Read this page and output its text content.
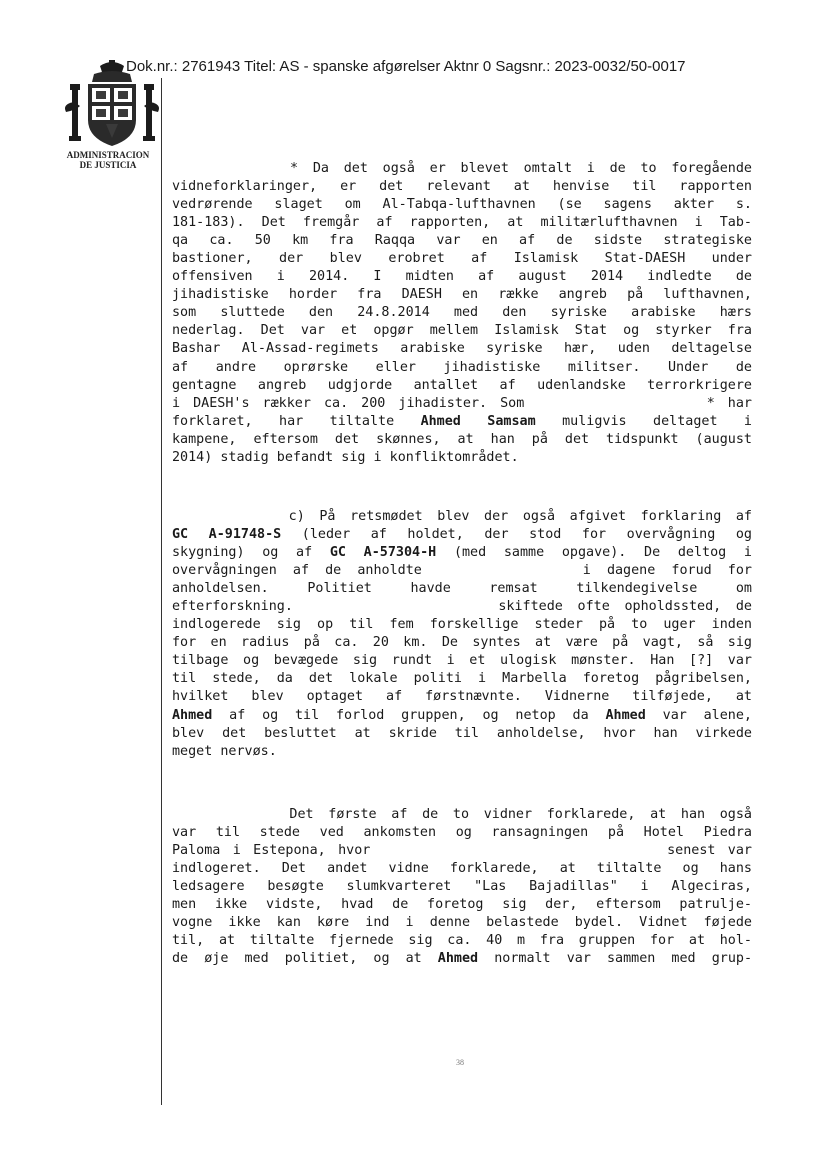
Dok.nr.: 2761943 Titel: AS - spanske afgørelser Aktnr 0 Sagsnr.: 2023-0032/50-0017
ADMINISTRACION
DE JUSTICIA	* Da det også er blevet omtalt i de to foregående
vidneforklaringer, er det relevant at henvise til rapporten
vedrørende slaget om Al-Tabqa-lufthavnen (se sagens akter s.
181-183). Det fremgår af rapporten, at militærlufthavnen i Tab-
qa ca. 50 km fra Raqqa var en af de sidste strategiske
bastioner, der blev erobret af Islamisk Stat-DAESH under
offensiven i 2014. I midten af august 2014 indledte de
jihadistiske horder fra DAESH en række angreb på lufthavnen,
som sluttede den 24.8.2014 med den syriske arabiske hærs
nederlag. Det var et opgør mellem Islamisk Stat og styrker fra
Bashar Al-Assad-regimets arabiske syriske hær, uden deltagelse
af andre oprørske eller jihadistiske militser. Under de
gentagne angreb udgjorde antallet af udenlandske terrorkrigere
i DAESH's rækker ca. 200 jihadister. Som              * har
forklaret, har tiltalte Ahmed Samsam muligvis deltaget i
kampene, eftersom det skønnes, at han på det tidspunkt (august
2014) stadig befandt sig i konfliktområdet.
c) På retsmødet blev der også afgivet forklaring af
GC A-91748-S (leder af holdet, der stod for overvågning og
skygning) og af GC A-57304-H (med samme opgave). De deltog i
overvågningen af de anholdte          i dagene forud for
anholdelsen. Politiet havde remsat tilkendegivelse om
efterforskning.              skiftede ofte opholdssted, de
indlogerede sig op til fem forskellige steder på to uger inden
for en radius på ca. 20 km. De syntes at være på vagt, så sig
tilbage og bevægede sig rundt i et ulogisk mønster. Han [?] var
til stede, da det lokale politi i Marbella foretog pågribelsen,
hvilket blev optaget af førstnævnte. Vidnerne tilføjede, at
Ahmed af og til forlod gruppen, og netop da Ahmed var alene,
blev det besluttet at skride til anholdelse, hvor han virkede
meget nervøs.
Det første af de to vidner forklarede, at han også
var til stede ved ankomsten og ransagningen på Hotel Piedra
Paloma i Estepona, hvor                        senest var
indlogeret. Det andet vidne forklarede, at tiltalte og hans
ledsagere besøgte slumkvarteret "Las Bajadillas" i Algeciras,
men ikke vidste, hvad de foretog sig der, eftersom patrulje-
vogne ikke kan køre ind i denne belastede bydel. Vidnet føjede
til, at tiltalte fjernede sig ca. 40 m fra gruppen for at hol-
de øje med politiet, og at Ahmed normalt var sammen med grup-
38
